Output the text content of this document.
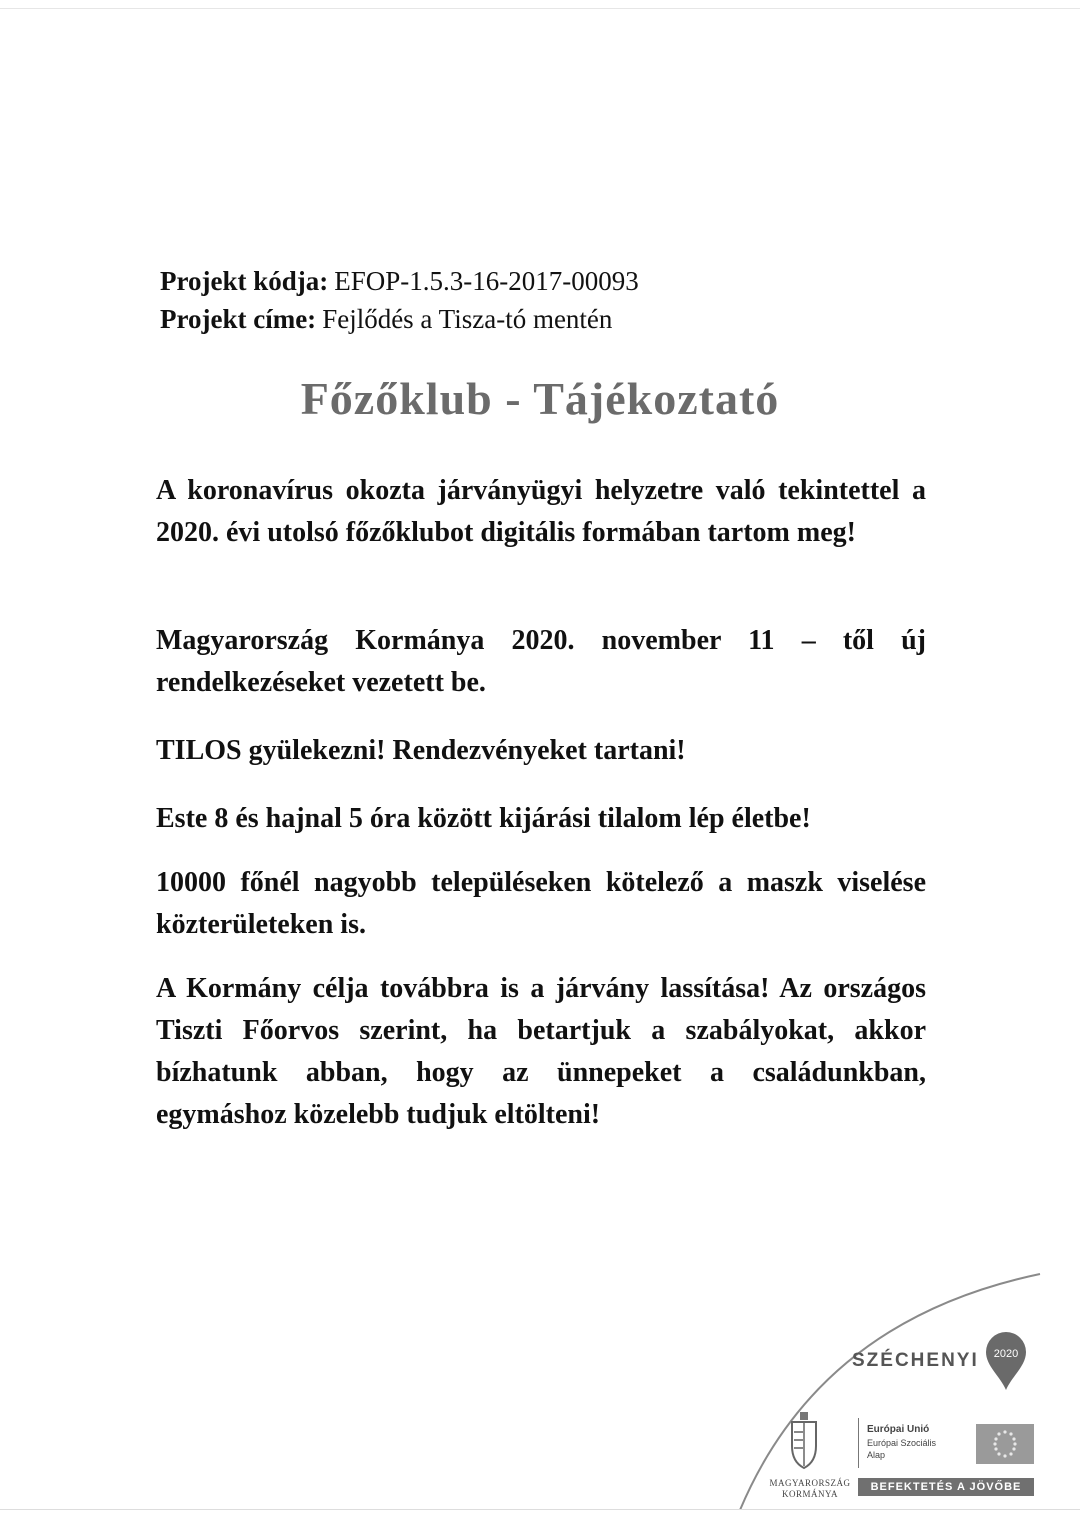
Projekt kódja: EFOP-1.5.3-16-2017-00093
Projekt címe: Fejlődés a Tisza-tó mentén
Főzőklub - Tájékoztató
A koronavírus okozta járványügyi helyzetre való tekintettel a 2020. évi utolsó főzőklubot digitális formában tartom meg!
Magyarország Kormánya 2020. november 11 – től új rendelkezéseket vezetett be.
TILOS gyülekezni! Rendezvényeket tartani!
Este 8 és hajnal 5 óra között kijárási tilalom lép életbe!
10000 főnél nagyobb településeken kötelező a maszk viselése közterületeken is.
A Kormány célja továbbra is a járvány lassítása! Az országos Tiszti Főorvos szerint, ha betartjuk a szabályokat, akkor bízhatunk abban, hogy az ünnepeket a családunkban, egymáshoz közelebb tudjuk eltölteni!
SZÉCHENYI 2020
MAGYARORSZÁG
KORMÁNYA
Európai Unió
Európai Szociális
Alap
BEFEKTETÉS A JÖVŐBE
